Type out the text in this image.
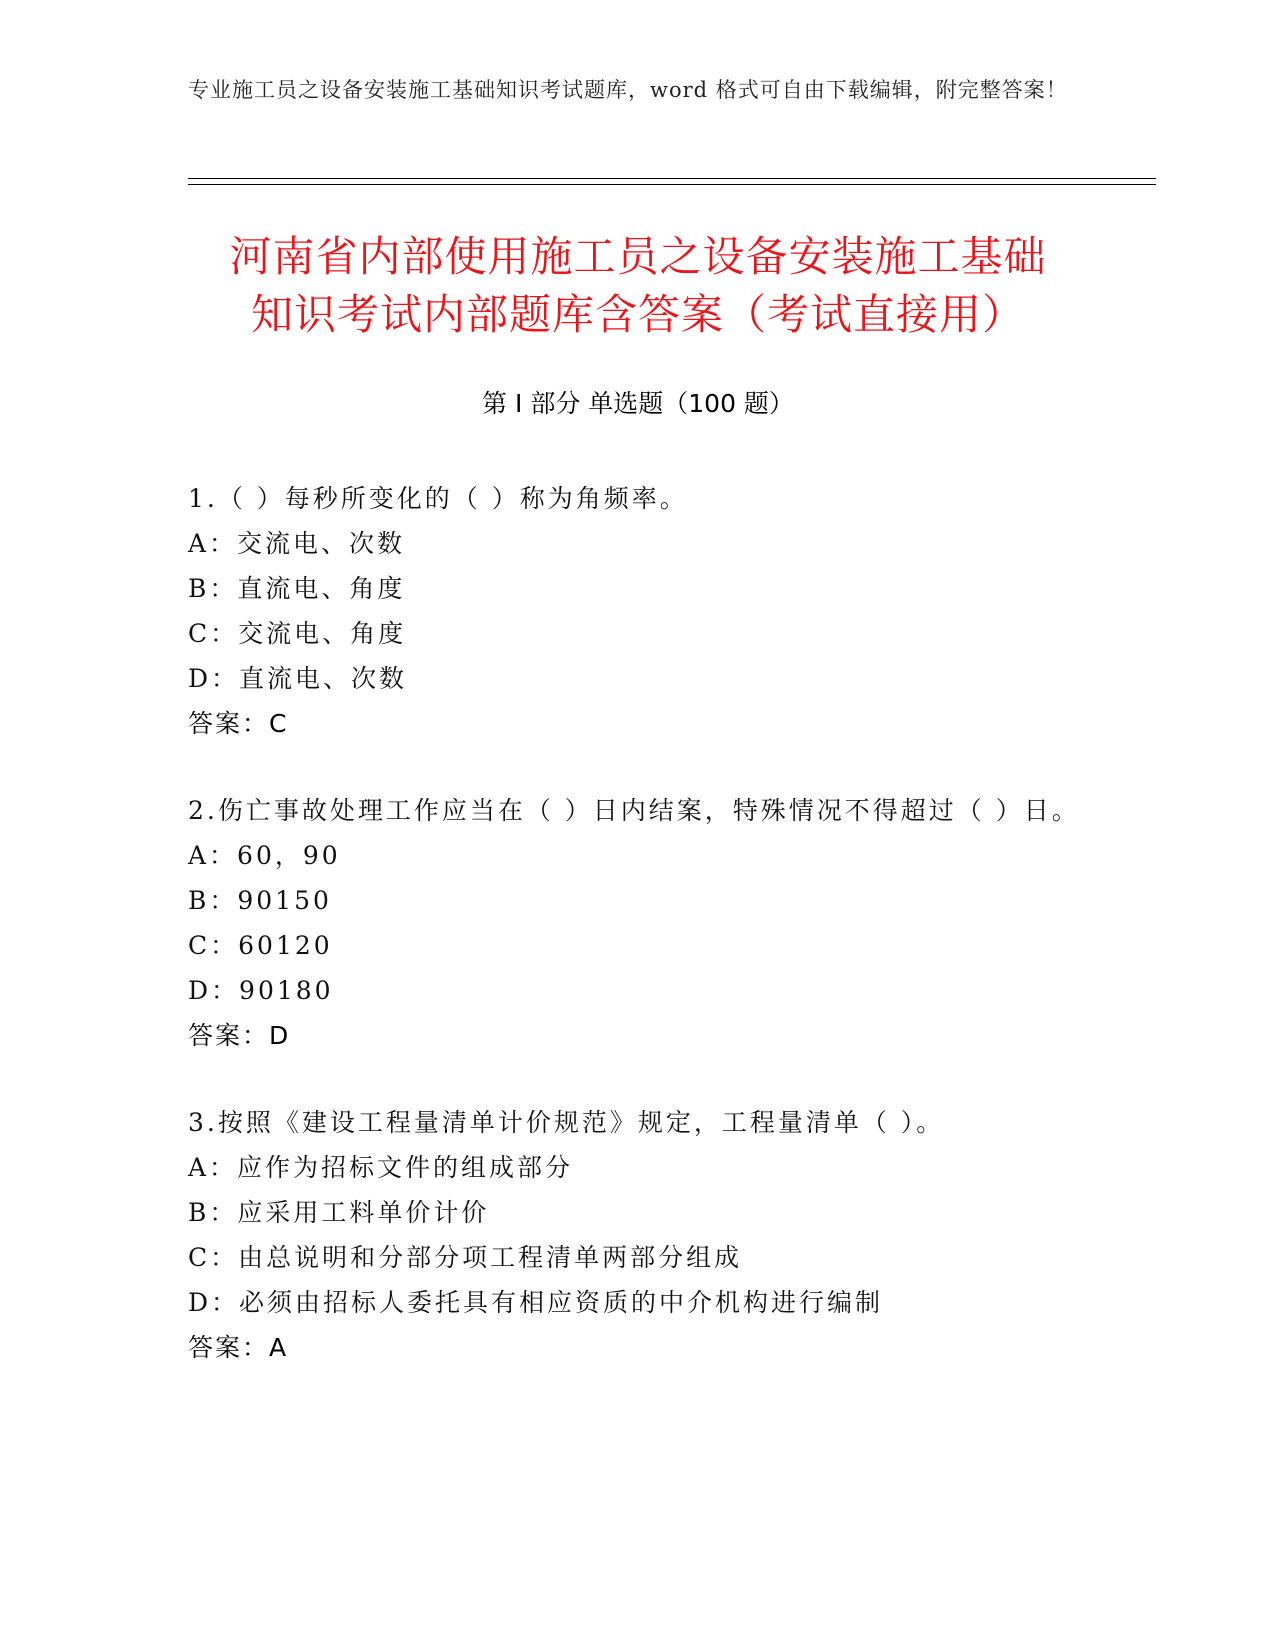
专业施工员之设备安装施工基础知识考试题库，word 格式可自由下载编辑，附完整答案！
河南省内部使用施工员之设备安装施工基础
知识考试内部题库含答案（考试直接用）
第 I 部分 单选题（100 题）
1.（ ）每秒所变化的（ ）称为角频率。
A：交流电、次数
B：直流电、角度
C：交流电、角度
D：直流电、次数
答案：C
2.伤亡事故处理工作应当在（ ）日内结案，特殊情况不得超过（ ）日。
A：60，90
B：90150
C：60120
D：90180
答案：D
3.按照《建设工程量清单计价规范》规定，工程量清单（ ）。
A：应作为招标文件的组成部分
B：应采用工料单价计价
C：由总说明和分部分项工程清单两部分组成
D：必须由招标人委托具有相应资质的中介机构进行编制
答案：A
